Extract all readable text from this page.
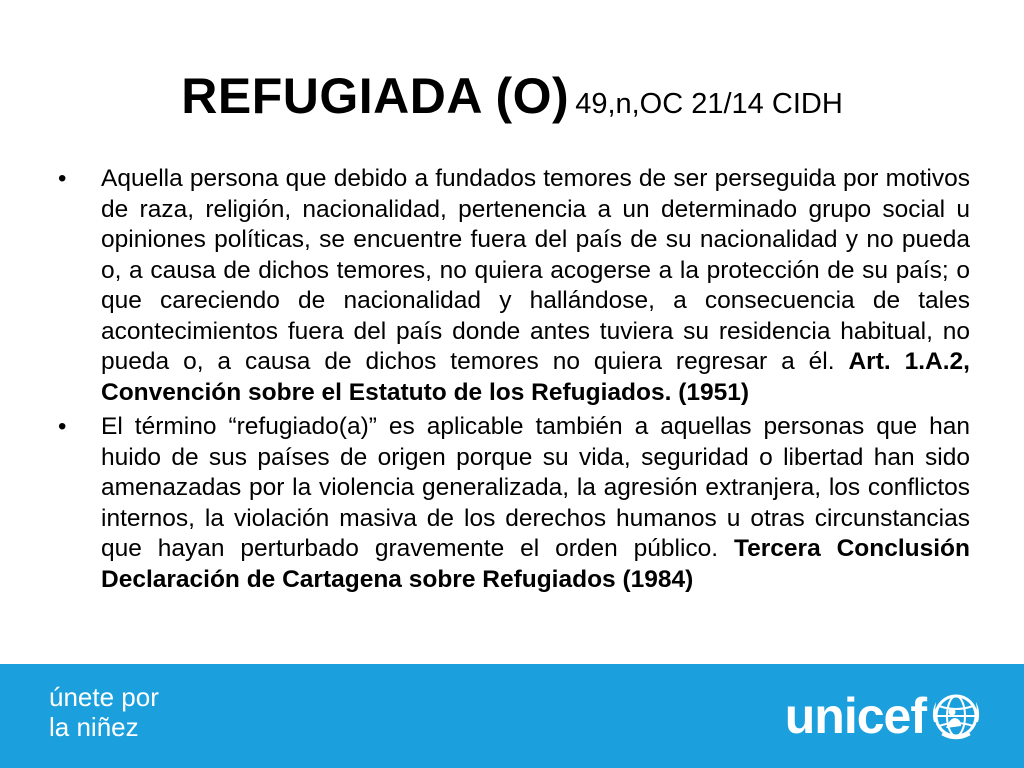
REFUGIADA (O) 49,n,OC 21/14 CIDH
•	Aquella persona que debido a fundados temores de ser perseguida por motivos de raza, religión, nacionalidad, pertenencia a un determinado grupo social u opiniones políticas, se encuentre fuera del país de su nacionalidad y no pueda o, a causa de dichos temores, no quiera acogerse a la protección de su país; o que careciendo de nacionalidad y hallándose, a consecuencia de tales acontecimientos fuera del país donde antes tuviera su residencia habitual, no pueda o, a causa de dichos temores no quiera regresar a él. Art. 1.A.2, Convención sobre el Estatuto de los Refugiados. (1951)
•	El término “refugiado(a)” es aplicable también a aquellas personas que han huido de sus países de origen porque su vida, seguridad o libertad han sido amenazadas por la violencia generalizada, la agresión extranjera, los conflictos internos, la violación masiva de los derechos humanos u otras circunstancias que hayan perturbado gravemente el orden público. Tercera Conclusión Declaración de Cartagena sobre Refugiados (1984)
únete por
la niñez	unicef
